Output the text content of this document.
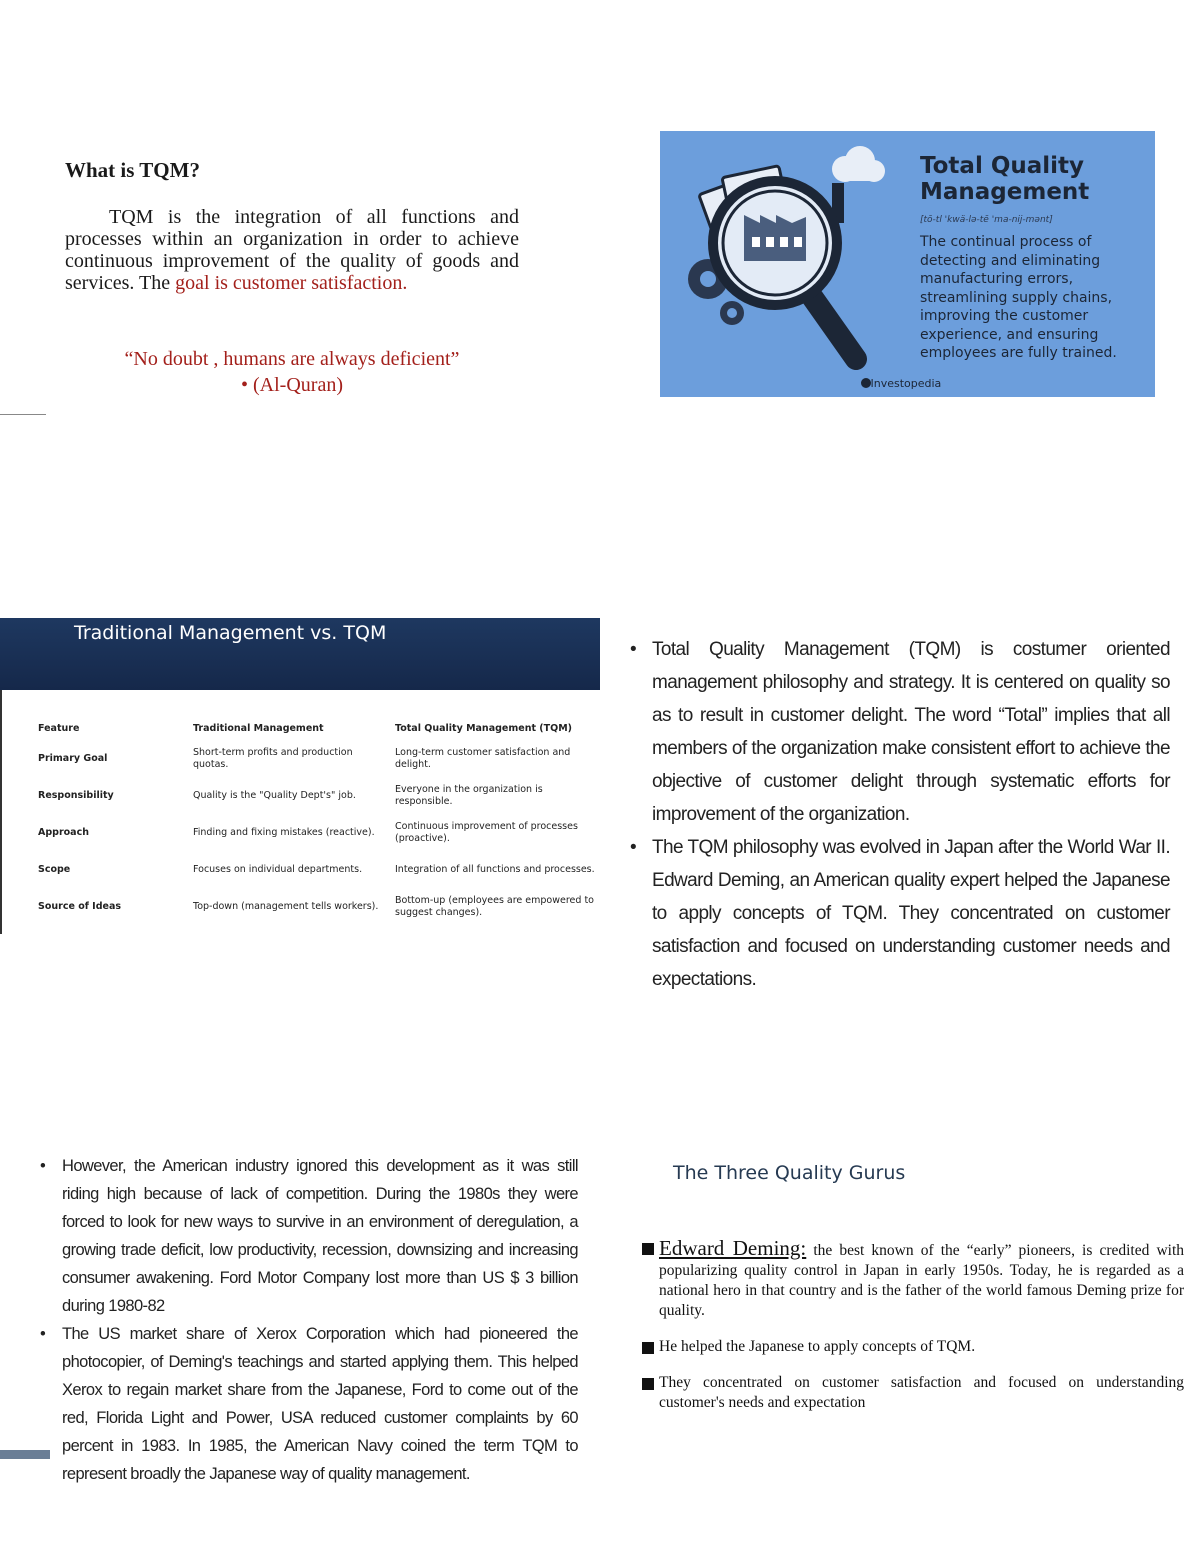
What is TQM?
TQM is the integration of all functions and processes within an organization in order to achieve continuous improvement of the quality of goods and services. The goal is customer satisfaction.
“No doubt , humans are always deficient”
• (Al-Quran)
Total Quality Management
[tō-tl 'kwä-lə-tē 'ma-nij-mənt]
The continual process of detecting and eliminating manufacturing errors, streamlining supply chains, improving the customer experience, and ensuring employees are fully trained.
Investopedia
Traditional Management vs. TQM
Feature	Traditional Management	Total Quality Management (TQM)
Primary Goal	Short-term profits and production quotas.	Long-term customer satisfaction and delight.
Responsibility	Quality is the "Quality Dept's" job.	Everyone in the organization is responsible.
Approach	Finding and fixing mistakes (reactive).	Continuous improvement of processes (proactive).
Scope	Focuses on individual departments.	Integration of all functions and processes.
Source of Ideas	Top-down (management tells workers).	Bottom-up (employees are empowered to suggest changes).
• Total Quality Management (TQM) is costumer oriented management philosophy and strategy. It is centered on quality so as to result in customer delight. The word “Total” implies that all members of the organization make consistent effort to achieve the objective of customer delight through systematic efforts for improvement of the organization.
• The TQM philosophy was evolved in Japan after the World War II. Edward Deming, an American quality expert helped the Japanese to apply concepts of TQM. They concentrated on customer satisfaction and focused on understanding customer needs and expectations.
• However, the American industry ignored this development as it was still riding high because of lack of competition. During the 1980s they were forced to look for new ways to survive in an environment of deregulation, a growing trade deficit, low productivity, recession, downsizing and increasing consumer awakening. Ford Motor Company lost more than US $ 3 billion during 1980-82
• The US market share of Xerox Corporation which had pioneered the photocopier, of Deming's teachings and started applying them. This helped Xerox to regain market share from the Japanese, Ford to come out of the red, Florida Light and Power, USA reduced customer complaints by 60 percent in 1983. In 1985, the American Navy coined the term TQM to represent broadly the Japanese way of quality management.
The Three Quality Gurus
Edward Deming: the best known of the “early” pioneers, is credited with popularizing quality control in Japan in early 1950s. Today, he is regarded as a national hero in that country and is the father of the world famous Deming prize for quality.
He helped the Japanese to apply concepts of TQM.
They concentrated on customer satisfaction and focused on understanding customer's needs and expectation
